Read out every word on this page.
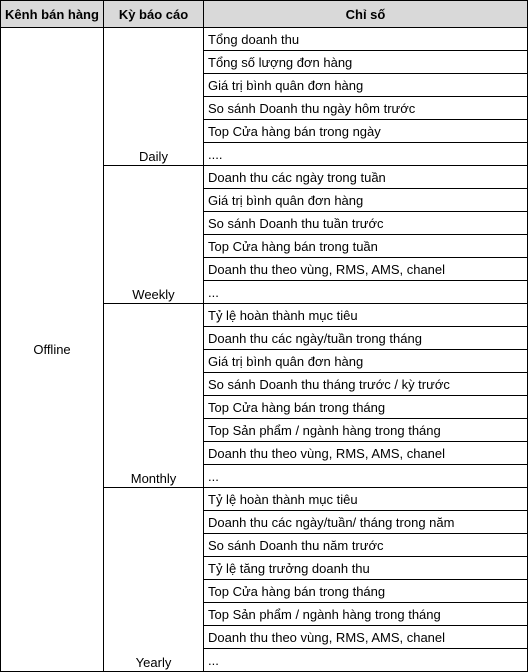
Kênh bán hàng	Kỳ báo cáo	Chỉ số
Offline	Daily	Tổng doanh thu
		Tổng số lượng đơn hàng
		Giá trị bình quân đơn hàng
		So sánh Doanh thu ngày hôm trước
		Top Cửa hàng bán trong ngày
		....
	Weekly	Doanh thu các ngày trong tuần
		Giá trị bình quân đơn hàng
		So sánh Doanh thu tuần trước
		Top Cửa hàng bán trong tuần
		Doanh thu theo vùng, RMS, AMS, chanel
		...
	Monthly	Tỷ lệ hoàn thành mục tiêu
		Doanh thu các ngày/tuần trong tháng
		Giá trị bình quân đơn hàng
		So sánh Doanh thu tháng trước / kỳ trước
		Top Cửa hàng bán trong tháng
		Top Sản phẩm / ngành hàng trong tháng
		Doanh thu theo vùng, RMS, AMS, chanel
		...
	Yearly	Tỷ lệ hoàn thành mục tiêu
		Doanh thu các ngày/tuần/ tháng trong năm
		So sánh Doanh thu năm trước
		Tỷ lệ tăng trưởng doanh thu
		Top Cửa hàng bán trong tháng
		Top Sản phẩm / ngành hàng trong tháng
		Doanh thu theo vùng, RMS, AMS, chanel
		...
